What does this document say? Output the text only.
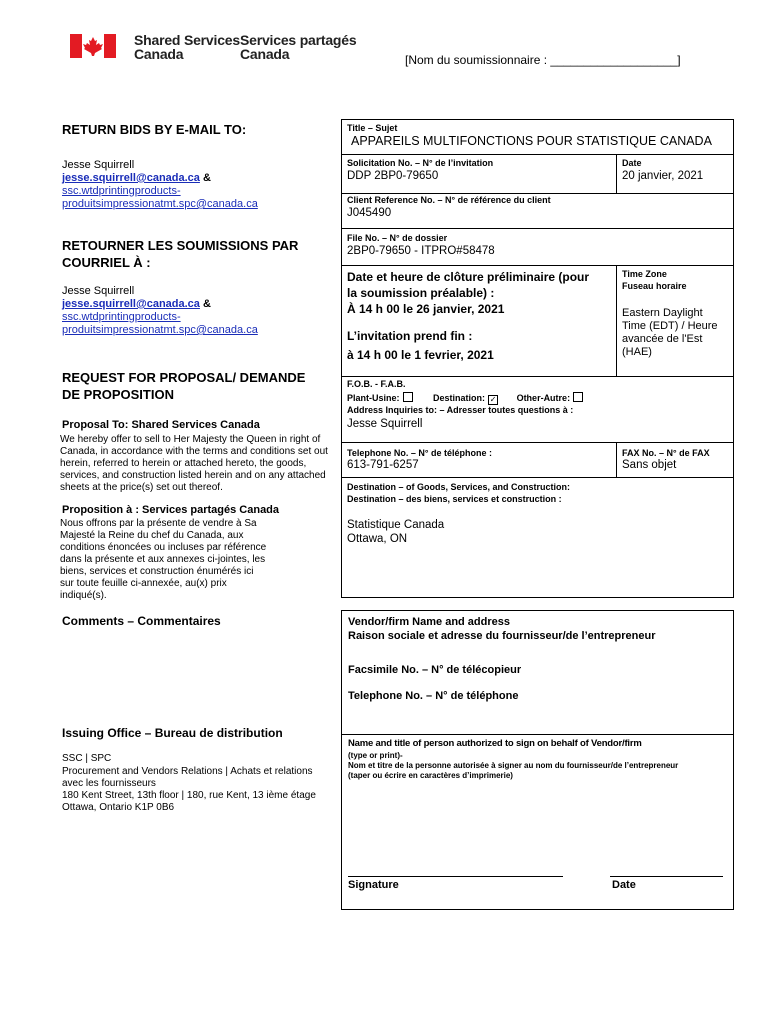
Shared Services
Canada
Services partagés
Canada	[Nom du soumissionnaire : ___________________]
RETURN BIDS BY E-MAIL TO:
Jesse Squirrell
jesse.squirrell@canada.ca &
ssc.wtdprintingproducts-
produitsimpressionatmt.spc@canada.ca
RETOURNER LES SOUMISSIONS PAR
COURRIEL À :
Jesse Squirrell
jesse.squirrell@canada.ca &
ssc.wtdprintingproducts-
produitsimpressionatmt.spc@canada.ca
REQUEST FOR PROPOSAL/ DEMANDE
DE PROPOSITION
Proposal To: Shared Services Canada
We hereby offer to sell to Her Majesty the Queen in right of Canada, in accordance with the terms and conditions set out herein, referred to herein or attached hereto, the goods, services, and construction listed herein and on any attached sheets at the price(s) set out thereof.
Proposition à : Services partagés Canada
Nous offrons par la présente de vendre à Sa Majesté la Reine du chef du Canada, aux conditions énoncées ou incluses par référence dans la présente et aux annexes ci-jointes, les biens, services et construction énumérés ici sur toute feuille ci-annexée, au(x) prix indiqué(s).
Comments – Commentaires
Issuing Office – Bureau de distribution
SSC | SPC
Procurement and Vendors Relations | Achats et relations
avec les fournisseurs
180 Kent Street, 13th floor | 180, rue Kent, 13 ième étage
Ottawa, Ontario K1P 0B6
Title – Sujet
APPAREILS MULTIFONCTIONS POUR STATISTIQUE CANADA
Solicitation No. – N° de l’invitation
DDP 2BP0-79650
Date
20 janvier, 2021
Client Reference No. – N° de référence du client
J045490
File No. – N° de dossier
2BP0-79650 - ITPRO#58478
Date et heure de clôture préliminaire (pour
la soumission préalable) :
À 14 h 00 le 26 janvier, 2021
L’invitation prend fin :
à 14 h 00 le 1 fevrier, 2021
Time Zone
Fuseau horaire
Eastern Daylight Time (EDT) / Heure avancée de l'Est (HAE)
F.O.B. - F.A.B.
Plant-Usine:	Destination: ✓ Other-Autre:
Address Inquiries to: – Adresser toutes questions à :
Jesse Squirrell
Telephone No. – N° de téléphone :
613-791-6257
FAX No. – N° de FAX
Sans objet
Destination – of Goods, Services, and Construction:
Destination – des biens, services et construction :
Statistique Canada
Ottawa, ON
Vendor/firm Name and address
Raison sociale et adresse du fournisseur/de l’entrepreneur
Facsimile No. – N° de télécopieur
Telephone No. – N° de téléphone
Name and title of person authorized to sign on behalf of Vendor/firm
(type or print)-
Nom et titre de la personne autorisée à signer au nom du fournisseur/de l’entrepreneur
(taper ou écrire en caractères d’imprimerie)
Signature	Date
